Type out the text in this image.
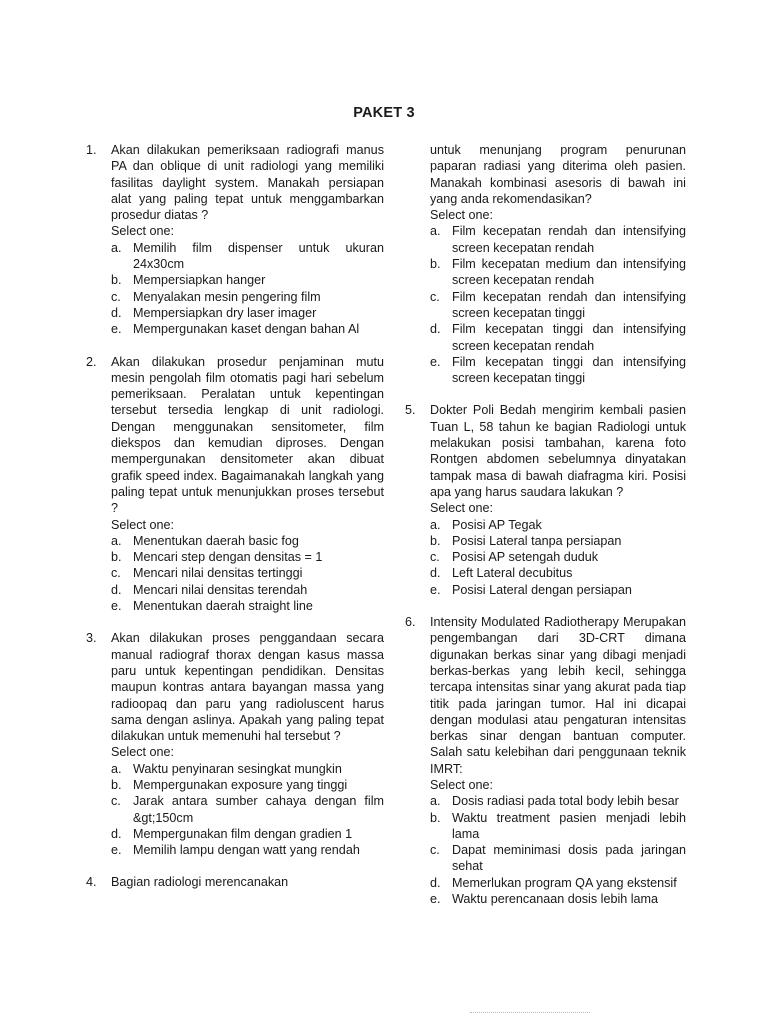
PAKET 3
1. Akan dilakukan pemeriksaan radiografi manus PA dan oblique di unit radiologi yang memiliki fasilitas daylight system. Manakah persiapan alat yang paling tepat untuk menggambarkan prosedur diatas ?
Select one:
a. Memilih film dispenser untuk ukuran 24x30cm
b. Mempersiapkan hanger
c. Menyalakan mesin pengering film
d. Mempersiapkan dry laser imager
e. Mempergunakan kaset dengan bahan Al
2. Akan dilakukan prosedur penjaminan mutu mesin pengolah film otomatis pagi hari sebelum pemeriksaan. Peralatan untuk kepentingan tersebut tersedia lengkap di unit radiologi. Dengan menggunakan sensitometer, film diekspos dan kemudian diproses. Dengan mempergunakan densitometer akan dibuat grafik speed index. Bagaimanakah langkah yang paling tepat untuk menunjukkan proses tersebut ?
Select one:
a. Menentukan daerah basic fog
b. Mencari step dengan densitas = 1
c. Mencari nilai densitas tertinggi
d. Mencari nilai densitas terendah
e. Menentukan daerah straight line
3. Akan dilakukan proses penggandaan secara manual radiograf thorax dengan kasus massa paru untuk kepentingan pendidikan. Densitas maupun kontras antara bayangan massa yang radioopaq dan paru yang radioluscent harus sama dengan aslinya. Apakah yang paling tepat dilakukan untuk memenuhi hal tersebut ?
Select one:
a. Waktu penyinaran sesingkat mungkin
b. Mempergunakan exposure yang tinggi
c. Jarak antara sumber cahaya dengan film &gt;150cm
d. Mempergunakan film dengan gradien 1
e. Memilih lampu dengan watt yang rendah
4. Bagian radiologi merencanakan
untuk menunjang program penurunan paparan radiasi yang diterima oleh pasien. Manakah kombinasi asesoris di bawah ini yang anda rekomendasikan?
Select one:
a. Film kecepatan rendah dan intensifying screen kecepatan rendah
b. Film kecepatan medium dan intensifying screen kecepatan rendah
c. Film kecepatan rendah dan intensifying screen kecepatan tinggi
d. Film kecepatan tinggi dan intensifying screen kecepatan rendah
e. Film kecepatan tinggi dan intensifying screen kecepatan tinggi
5. Dokter Poli Bedah mengirim kembali pasien Tuan L, 58 tahun ke bagian Radiologi untuk melakukan posisi tambahan, karena foto Rontgen abdomen sebelumnya dinyatakan tampak masa di bawah diafragma kiri. Posisi apa yang harus saudara lakukan ?
Select one:
a. Posisi AP Tegak
b. Posisi Lateral tanpa persiapan
c. Posisi AP setengah duduk
d. Left Lateral decubitus
e. Posisi Lateral dengan persiapan
6. Intensity Modulated Radiotherapy Merupakan pengembangan dari 3D-CRT dimana digunakan berkas sinar yang dibagi menjadi berkas-berkas yang lebih kecil, sehingga tercapa intensitas sinar yang akurat pada tiap titik pada jaringan tumor. Hal ini dicapai dengan modulasi atau pengaturan intensitas berkas sinar dengan bantuan computer. Salah satu kelebihan dari penggunaan teknik IMRT:
Select one:
a. Dosis radiasi pada total body lebih besar
b. Waktu treatment pasien menjadi lebih lama
c. Dapat meminimasi dosis pada jaringan sehat
d. Memerlukan program QA yang ekstensif
e. Waktu perencanaan dosis lebih lama
